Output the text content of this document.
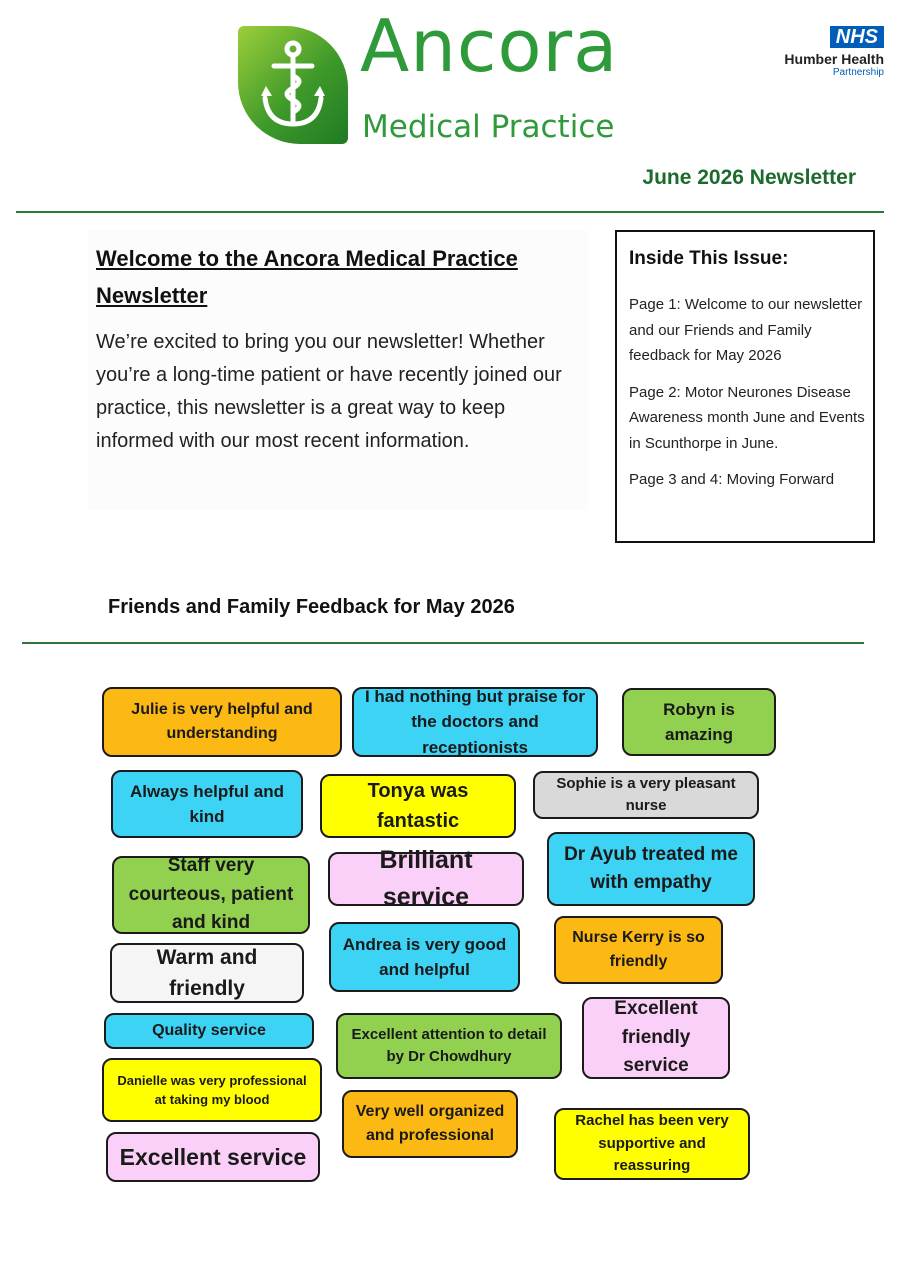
Ancora
Medical Practice
NHS
Humber Health
Partnership
June 2026 Newsletter
Welcome to the Ancora Medical Practice Newsletter
We’re excited to bring you our newsletter! Whether you’re a long-time patient or have recently joined our practice, this newsletter is a great way to keep informed with our most recent information.
Inside This Issue:
Page 1: Welcome to our newsletter and our Friends and Family feedback for May 2026
Page 2: Motor Neurones Disease Awareness month June and Events in Scunthorpe in June.
Page 3 and 4: Moving Forward
Friends and Family Feedback for May 2026
Julie is very helpful and understanding
I had nothing but praise for the doctors and receptionists
Robyn is amazing
Always helpful and kind
Tonya was fantastic
Sophie is a very pleasant nurse
Staff very courteous, patient and kind
Brilliant service
Dr Ayub treated me with empathy
Warm and friendly
Andrea is very good and helpful
Nurse Kerry is so friendly
Quality service	Excellent attention to detail by Dr Chowdhury
Excellent friendly service
Danielle was very professional at taking my blood
Very well organized and professional
Excellent service
Rachel has been very supportive and reassuring
